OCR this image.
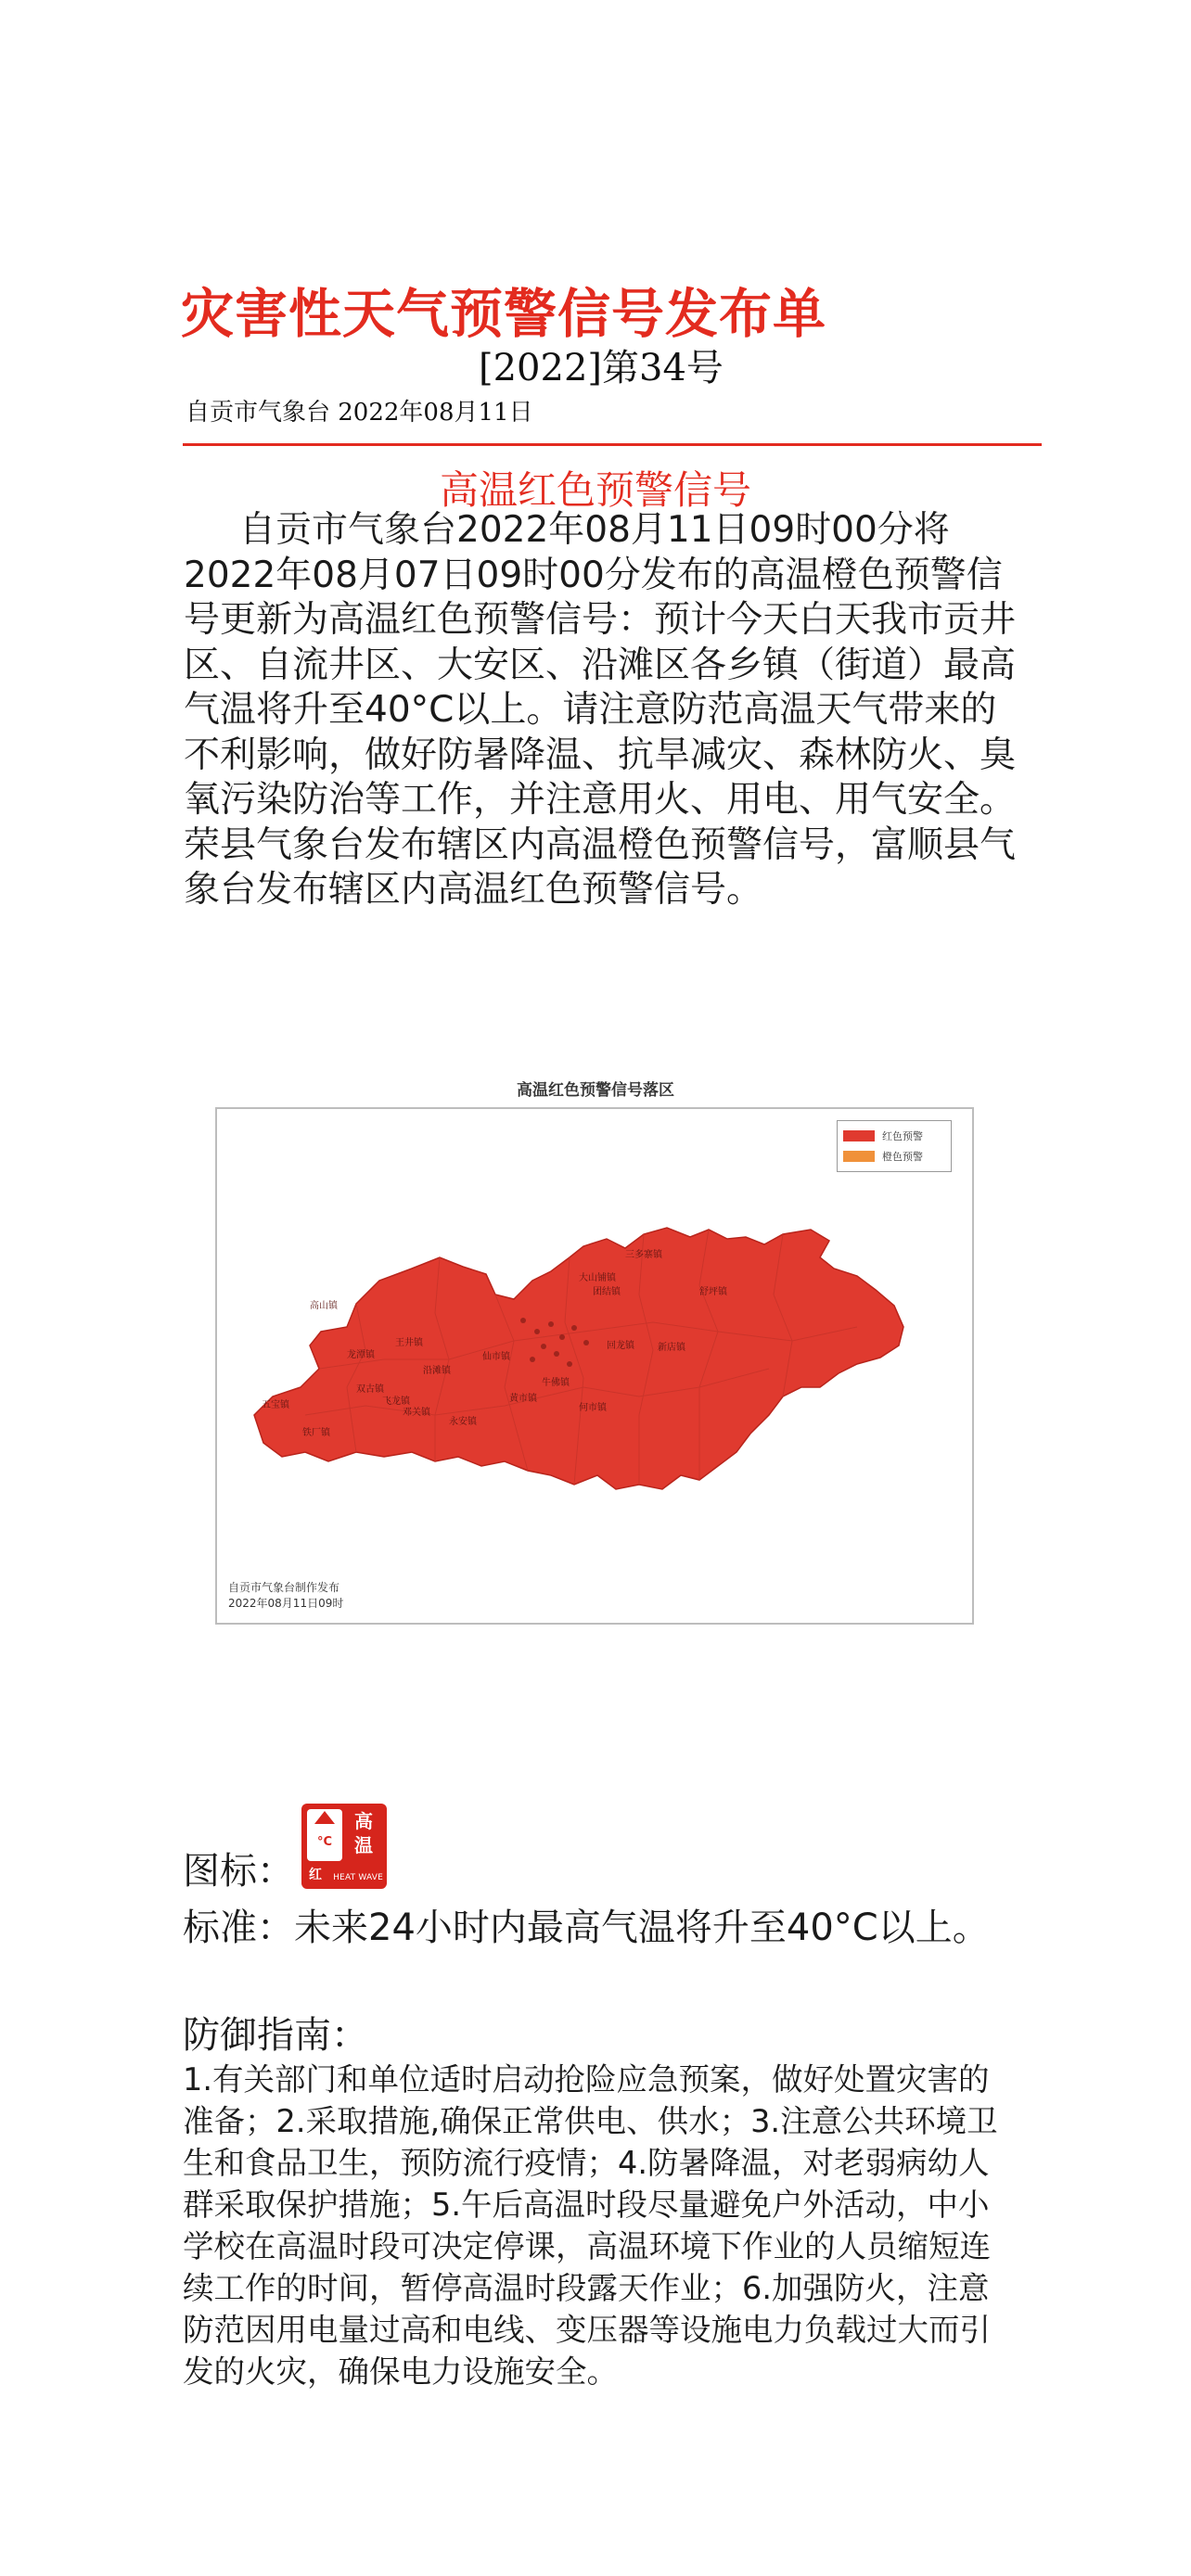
灾害性天气预警信号发布单
[2022]第34号
自贡市气象台 2022年08月11日
高温红色预警信号

自贡市气象台2022年08月11日09时00分将2022年08月07日09时00分发布的高温橙色预警信号更新为高温红色预警信号：预计今天白天我市贡井区、自流井区、大安区、沿滩区各乡镇（街道）最高气温将升至40°C以上。请注意防范高温天气带来的不利影响，做好防暑降温、抗旱减灾、森林防火、臭氧污染防治等工作，并注意用火、用电、用气安全。荣县气象台发布辖区内高温橙色预警信号，富顺县气象台发布辖区内高温红色预警信号。

高温红色预警信号落区
高山镇
五宝镇
铁厂镇
双古镇
飞龙镇
龙潭镇
沿滩镇
王井镇
邓关镇
永安镇
仙市镇
黄市镇
何市镇
牛佛镇
回龙镇	新店镇
三多寨镇
大山铺镇
团结镇	舒坪镇
红色预警
橙色预警
自贡市气象台制作发布
2022年08月11日09时
图标：
°C
高温
红 HEAT WAVE

标准：未来24小时内最高气温将升至40°C以上。

防御指南：

1.有关部门和单位适时启动抢险应急预案，做好处置灾害的准备；2.采取措施,确保正常供电、供水；3.注意公共环境卫生和食品卫生，预防流行疫情；4.防暑降温，对老弱病幼人群采取保护措施；5.午后高温时段尽量避免户外活动，中小学校在高温时段可决定停课，高温环境下作业的人员缩短连续工作的时间，暂停高温时段露天作业；6.加强防火，注意防范因用电量过高和电线、变压器等设施电力负载过大而引发的火灾，确保电力设施安全。
